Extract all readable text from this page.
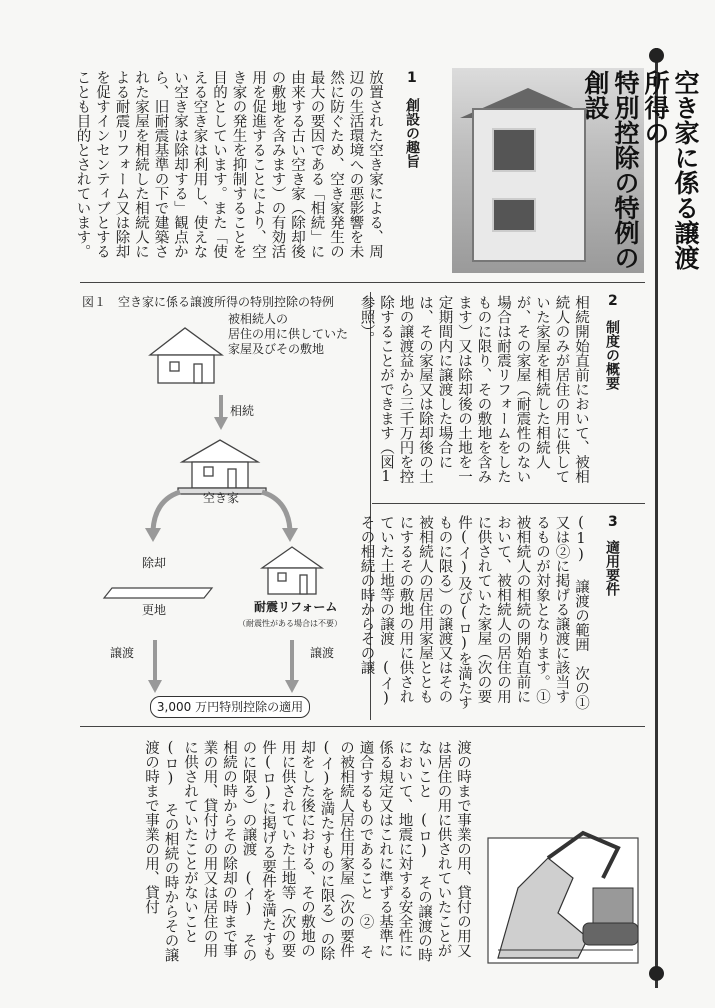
空き家に係る譲渡所得の
特別控除の特例の創設
1
創設の趣旨
放置された空き家による、周辺の生活環境への悪影響を未然に防ぐため、空き家発生の最大の要因である「相続」に由来する古い空き家（除却後の敷地を含みます）の有効活用を促進することにより、空き家の発生を抑制することを目的としています。また「使える空き家は利用し、使えない空き家は除却する」観点から、旧耐震基準の下で建築された家屋を相続した相続人による耐震リフォーム又は除却を促すインセンティブとすることも目的とされています。
図１　空き家に係る譲渡所得の特別控除の特例
被相続人の
居住の用に供していた
家屋及びその敷地
相続
空き家
除却
更地	耐震リフォーム
（耐震性がある場合は不要）
譲渡	譲渡
3,000 万円特別控除の適用
2
制度の概要
相続開始直前において、被相続人のみが居住の用に供していた家屋を相続した相続人が、その家屋（耐震性のない場合は耐震リフォームをしたものに限り、その敷地を含みます）又は除却後の土地を一定期間内に譲渡した場合には、その家屋又は除却後の土地の譲渡益から三千万円を控除することができます（図1参照）。
3
適用要件
(1) 譲渡の範囲　次の①又は②に掲げる譲渡に該当するものが対象となります。① 被相続人の相続の開始直前において、被相続人の居住の用に供されていた家屋（次の要件(イ)及び(ロ)を満たすものに限る）の譲渡又はその被相続人の居住用家屋とともにするその敷地の用に供されていた土地等の譲渡　(イ) その相続の時からその譲
渡の時まで事業の用、貸付の用又は居住の用に供されていたことがないこと　(ロ) その譲渡の時において、地震に対する安全性に係る規定又はこれに準ずる基準に適合するものであること　② その被相続人居住用家屋（次の要件(イ)を満たすものに限る）の除却をした後における、その敷地の用に供されていた土地等（次の要件(ロ)に掲げる要件を満たすものに限る）の譲渡　(イ) その相続の時からその除却の時まで事業の用、貸付けの用又は居住の用に供されていたことがないこと　(ロ) その相続の時からその譲渡の時まで事業の用、貸付
